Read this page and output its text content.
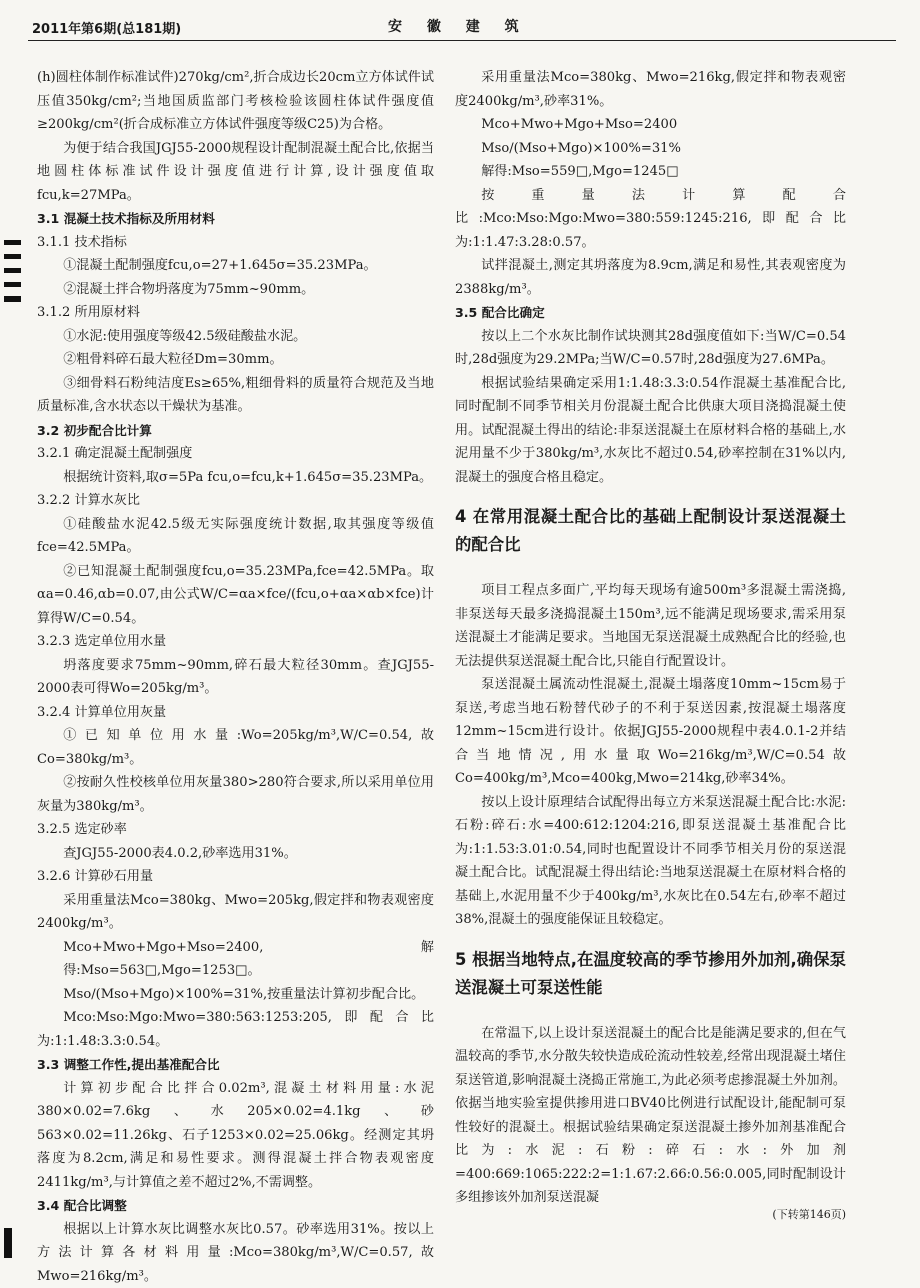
2011年第6期(总181期)	安 徽 建 筑

(h)圆柱体制作标准试件)270kg/cm²,折合成边长20cm立方体试件试压值350kg/cm²;当地国质监部门考核检验该圆柱体试件强度值≥200kg/cm²(折合成标准立方体试件强度等级C25)为合格。

为便于结合我国JGJ55-2000规程设计配制混凝土配合比,依据当地圆柱体标准试件设计强度值进行计算,设计强度值取fcu,k=27MPa。

3.1 混凝土技术指标及所用材料

3.1.1 技术指标

①混凝土配制强度fcu,o=27+1.645σ=35.23MPa。

②混凝土拌合物坍落度为75mm~90mm。

3.1.2 所用原材料

①水泥:使用强度等级42.5级硅酸盐水泥。

②粗骨料碎石最大粒径Dm=30mm。

③细骨料石粉纯洁度Es≥65%,粗细骨料的质量符合规范及当地质量标准,含水状态以干燥状为基准。

3.2 初步配合比计算

3.2.1 确定混凝土配制强度

根据统计资料,取σ=5Pa fcu,o=fcu,k+1.645σ=35.23MPa。

3.2.2 计算水灰比

①硅酸盐水泥42.5级无实际强度统计数据,取其强度等级值fce=42.5MPa。

②已知混凝土配制强度fcu,o=35.23MPa,fce=42.5MPa。取αa=0.46,αb=0.07,由公式W/C=αa×fce/(fcu,o+αa×αb×fce)计算得W/C=0.54。

3.2.3 选定单位用水量

坍落度要求75mm~90mm,碎石最大粒径30mm。查JGJ55-2000表可得Wo=205kg/m³。

3.2.4 计算单位用灰量

①已知单位用水量:Wo=205kg/m³,W/C=0.54,故Co=380kg/m³。

②按耐久性校核单位用灰量380>280符合要求,所以采用单位用灰量为380kg/m³。

3.2.5 选定砂率

查JGJ55-2000表4.0.2,砂率选用31%。

3.2.6 计算砂石用量

采用重量法Mco=380kg、Mwo=205kg,假定拌和物表观密度2400kg/m³。

Mco+Mwo+Mgo+Mso=2400,解得:Mso=563□,Mgo=1253□。

Mso/(Mso+Mgo)×100%=31%,按重量法计算初步配合比。

Mco:Mso:Mgo:Mwo=380:563:1253:205,即配合比为:1:1.48:3.3:0.54。

3.3 调整工作性,提出基准配合比

计算初步配合比拌合0.02m³,混凝土材料用量:水泥380×0.02=7.6kg、水205×0.02=4.1kg、砂563×0.02=11.26kg、石子1253×0.02=25.06kg。经测定其坍落度为8.2cm,满足和易性要求。测得混凝土拌合物表观密度2411kg/m³,与计算值之差不超过2%,不需调整。

3.4 配合比调整

根据以上计算水灰比调整水灰比0.57。砂率选用31%。按以上方法计算各材料用量:Mco=380kg/m³,W/C=0.57,故Mwo=216kg/m³。

采用重量法Mco=380kg、Mwo=216kg,假定拌和物表观密度2400kg/m³,砂率31%。

Mco+Mwo+Mgo+Mso=2400

Mso/(Mso+Mgo)×100%=31%

解得:Mso=559□,Mgo=1245□

按重量法计算配合比:Mco:Mso:Mgo:Mwo=380:559:1245:216,即配合比为:1:1.47:3.28:0.57。

试拌混凝土,测定其坍落度为8.9cm,满足和易性,其表观密度为2388kg/m³。

3.5 配合比确定

按以上二个水灰比制作试块测其28d强度值如下:当W/C=0.54时,28d强度为29.2MPa;当W/C=0.57时,28d强度为27.6MPa。

根据试验结果确定采用1:1.48:3.3:0.54作混凝土基准配合比,同时配制不同季节相关月份混凝土配合比供康大项目浇捣混凝土使用。试配混凝土得出的结论:非泵送混凝土在原材料合格的基础上,水泥用量不少于380kg/m³,水灰比不超过0.54,砂率控制在31%以内,混凝土的强度合格且稳定。

4 在常用混凝土配合比的基础上配制设计泵送混凝土的配合比

项目工程点多面广,平均每天现场有逾500m³多混凝土需浇捣,非泵送每天最多浇捣混凝土150m³,远不能满足现场要求,需采用泵送混凝土才能满足要求。当地国无泵送混凝土成熟配合比的经验,也无法提供泵送混凝土配合比,只能自行配置设计。

泵送混凝土属流动性混凝土,混凝土塌落度10mm~15cm易于泵送,考虑当地石粉替代砂子的不利于泵送因素,按混凝土塌落度12mm~15cm进行设计。依据JGJ55-2000规程中表4.0.1-2并结合当地情况,用水量取Wo=216kg/m³,W/C=0.54故Co=400kg/m³,Mco=400kg,Mwo=214kg,砂率34%。

按以上设计原理结合试配得出每立方米泵送混凝土配合比:水泥:石粉:碎石:水=400:612:1204:216,即泵送混凝土基准配合比为:1:1.53:3.01:0.54,同时也配置设计不同季节相关月份的泵送混凝土配合比。试配混凝土得出结论:当地泵送混凝土在原材料合格的基础上,水泥用量不少于400kg/m³,水灰比在0.54左右,砂率不超过38%,混凝土的强度能保证且较稳定。

5 根据当地特点,在温度较高的季节掺用外加剂,确保泵送混凝土可泵送性能

在常温下,以上设计泵送混凝土的配合比是能满足要求的,但在气温较高的季节,水分散失较快造成砼流动性较差,经常出现混凝土堵住泵送管道,影响混凝土浇捣正常施工,为此必须考虑掺混凝土外加剂。依据当地实验室提供掺用进口BV40比例进行试配设计,能配制可泵性较好的混凝土。根据试验结果确定泵送混凝土掺外加剂基准配合比为:水泥:石粉:碎石:水:外加剂=400:669:1065:222:2=1:1.67:2.66:0.56:0.005,同时配制设计多组掺该外加剂泵送混凝

(下转第146页)
